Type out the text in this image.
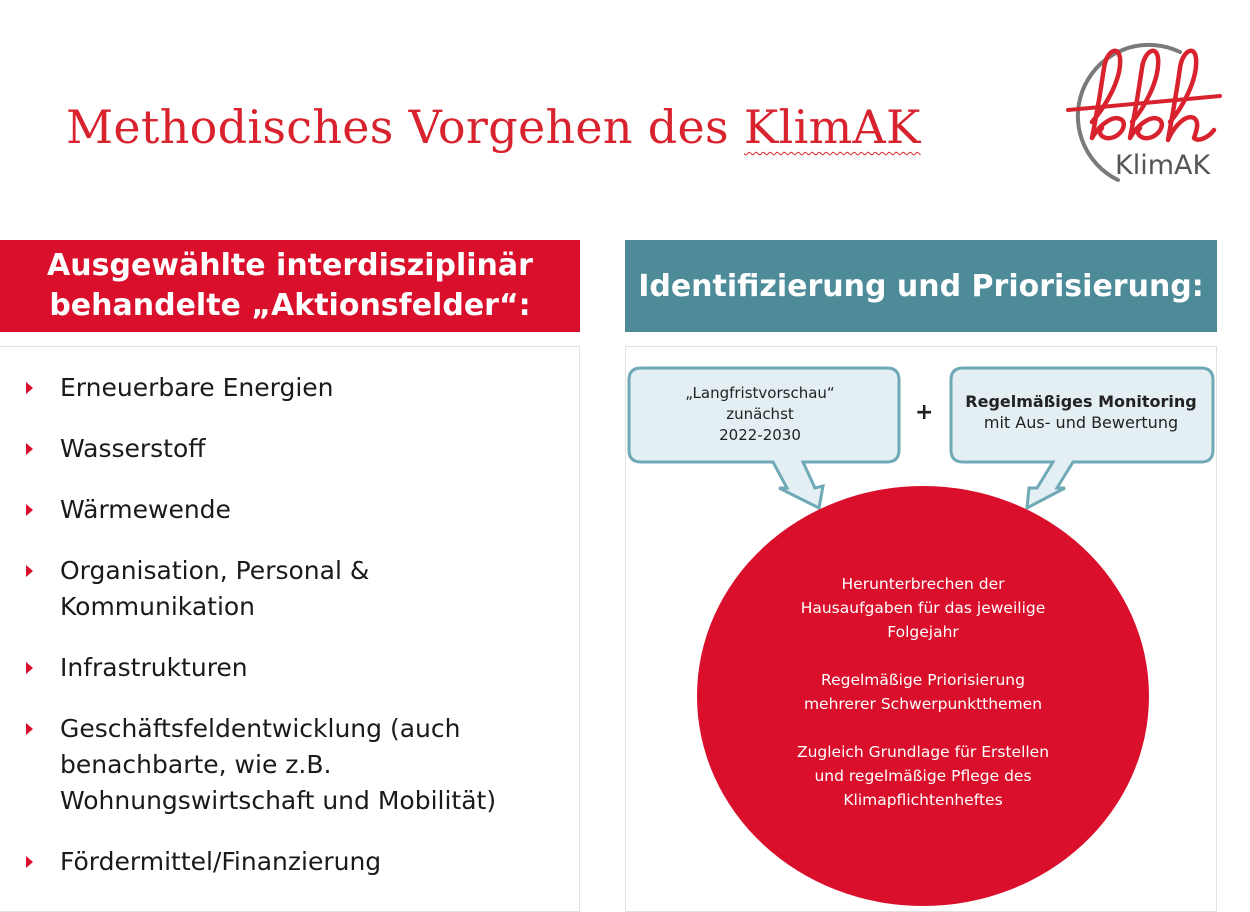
Methodisches Vorgehen des KlimAK
KlimAK
Ausgewählte interdisziplinär
behandelte „Aktionsfelder“:
Erneuerbare Energien
Wasserstoff
Wärmewende
Organisation, Personal &
Kommunikation
Infrastrukturen
Geschäftsfeldentwicklung (auch
benachbarte, wie z.B.
Wohnungswirtschaft und Mobilität)
Fördermittel/Finanzierung
Identifizierung und Priorisierung:
„Langfristvorschau“
zunächst
2022-2030
+	Regelmäßiges Monitoring
mit Aus- und Bewertung

Herunterbrechen der
Hausaufgaben für das jeweilige
Folgejahr

Regelmäßige Priorisierung
mehrerer Schwerpunktthemen

Zugleich Grundlage für Erstellen
und regelmäßige Pflege des
Klimapflichtenheftes
